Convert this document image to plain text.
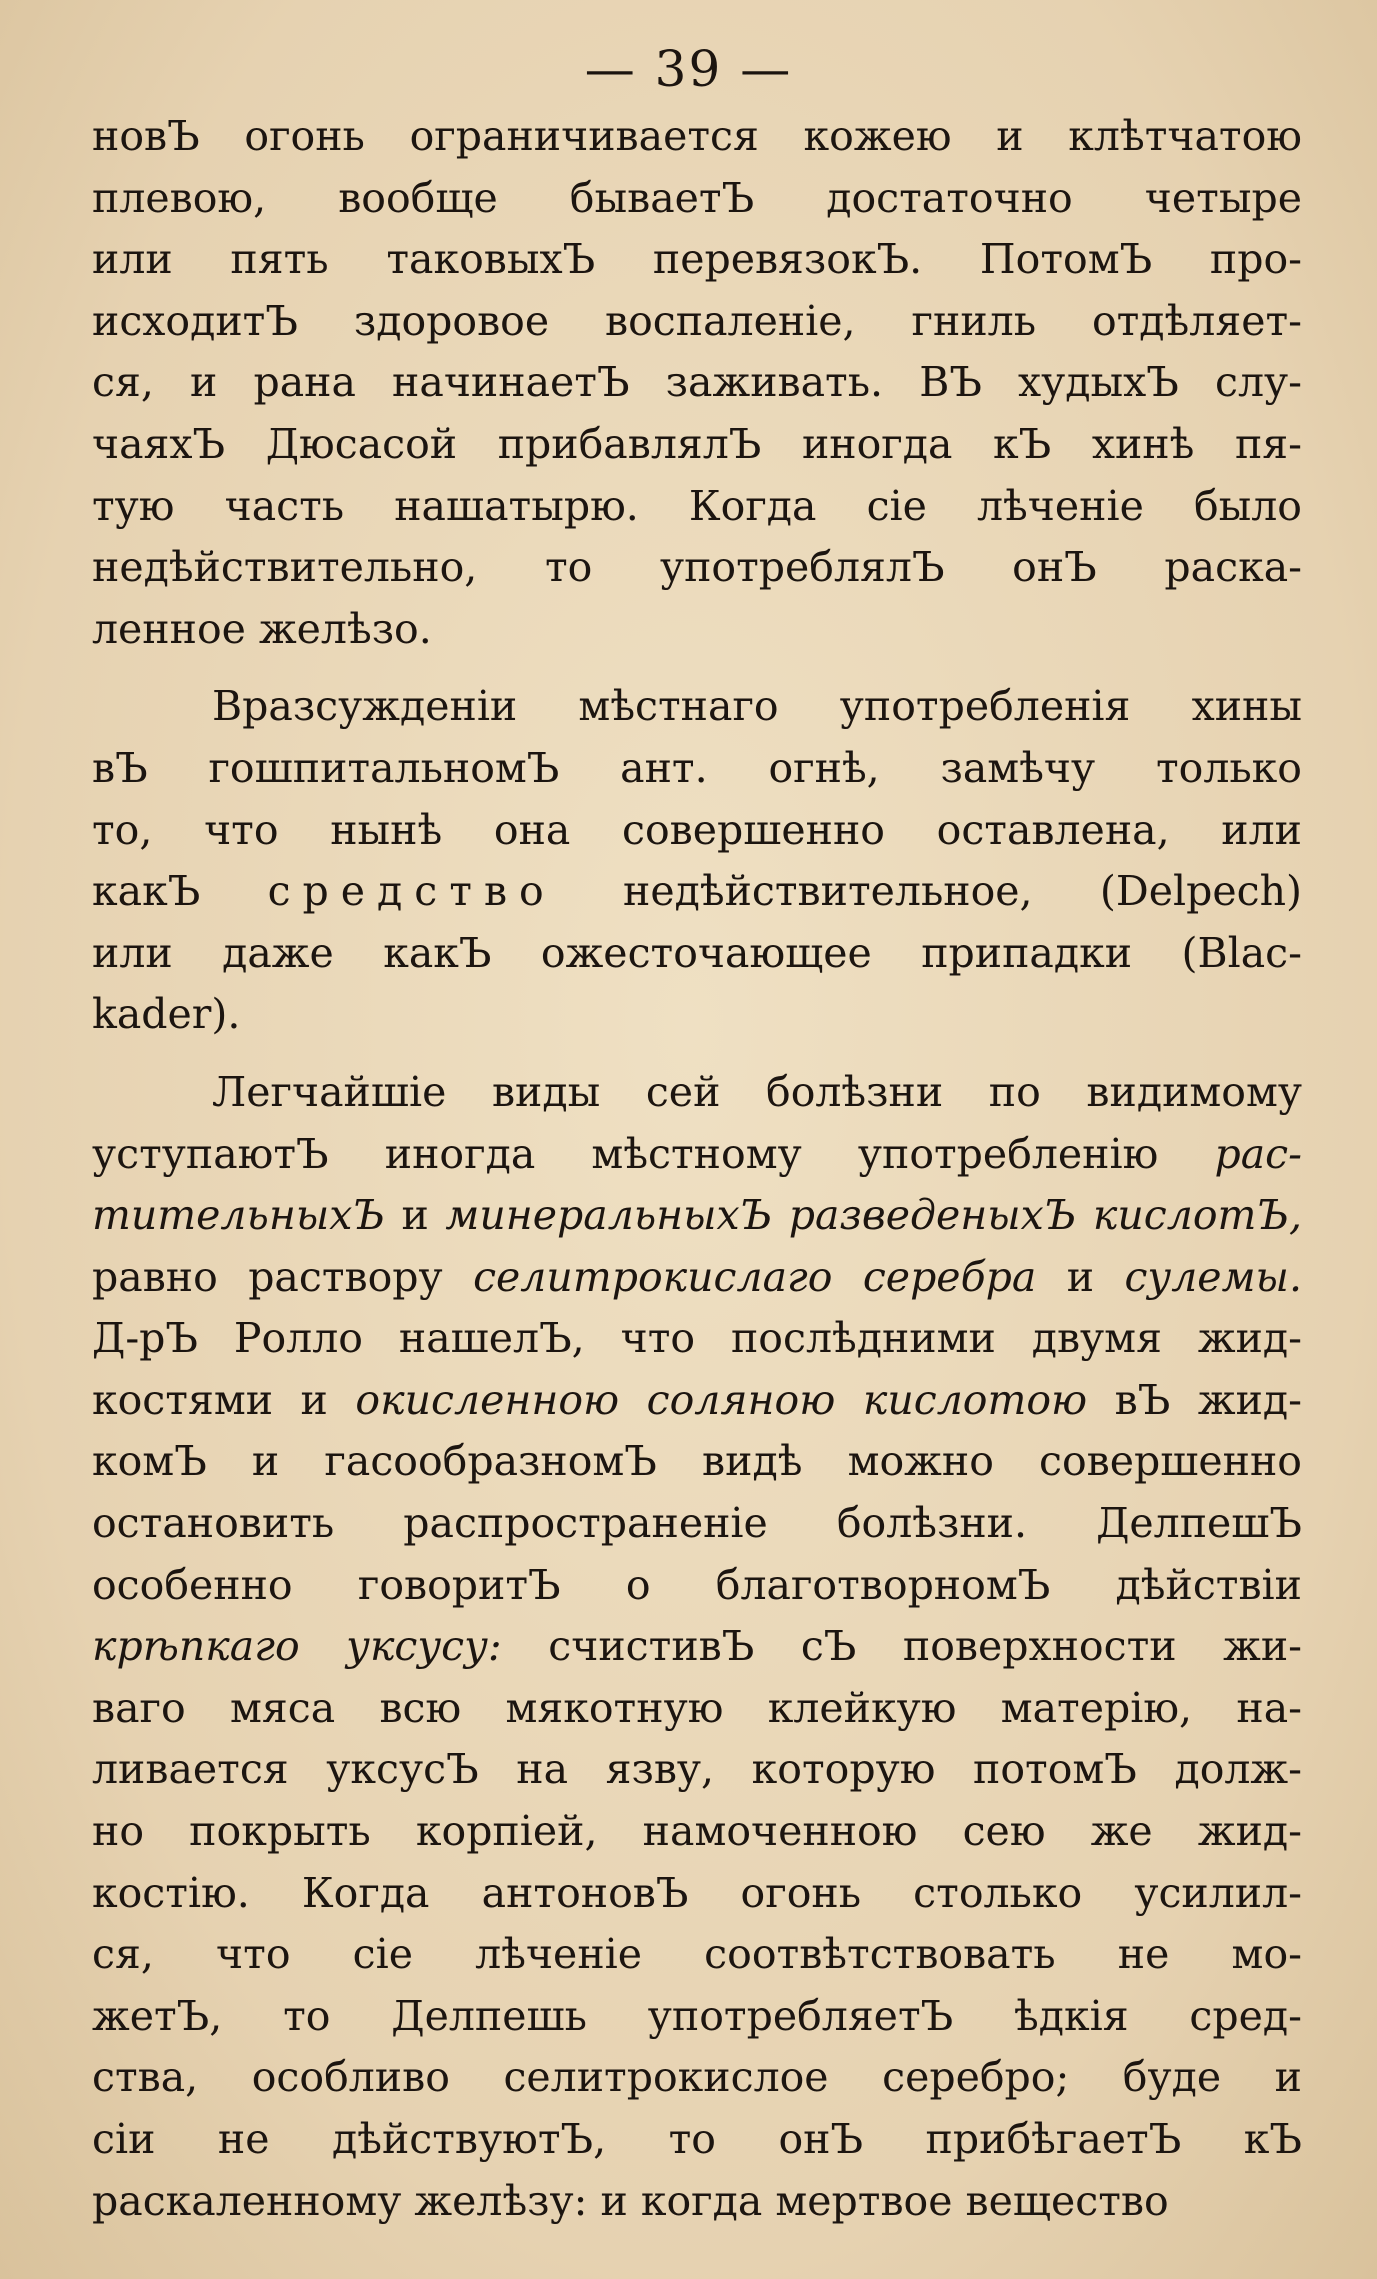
— 39 —
новЪ огонь ограничивается кожею и клѣтчатою
плевою, вообще бываетЪ достаточно четыре
или пять таковыхЪ перевязокЪ. ПотомЪ про-
исходитЪ здоровое воспаленіе, гниль отдѣляет-
ся, и рана начинаетЪ заживать. ВЪ худыхЪ слу-
чаяхЪ Дюсасой прибавлялЪ иногда кЪ хинѣ пя-
тую часть нашатырю. Когда сіе лѣченіе было
недѣйствительно, то употреблялЪ онЪ раска-
ленное желѣзо.
Вразсужденіи мѣстнаго употребленія хины
вЪ гошпитальномЪ ант. огнѣ, замѣчу только
то, что нынѣ она совершенно оставлена, или
какЪ средство недѣйствительное, (Delpech)
или даже какЪ ожесточающее припадки (Blac-
kader).
Легчайшіе виды сей болѣзни по видимому
уступаютЪ иногда мѣстному употребленію рас-
тительныхЪ и минеральныхЪ разведеныхЪ кислотЪ,
равно раствору селитрокислаго серебра и сулемы.
Д-рЪ Ролло нашелЪ, что послѣдними двумя жид-
костями и окисленною соляною кислотою вЪ жид-
комЪ и гасообразномЪ видѣ можно совершенно
остановить распространеніе болѣзни. ДелпешЪ
особенно говоритЪ о благотворномЪ дѣйствіи
крѣпкаго уксусу: счистивЪ сЪ поверхности жи-
ваго мяса всю мякотную клейкую матерію, на-
ливается уксусЪ на язву, которую потомЪ долж-
но покрыть корпіей, намоченною сею же жид-
костію. Когда антоновЪ огонь столько усилил-
ся, что сіе лѣченіе соотвѣтствовать не мо-
жетЪ, то Делпешь употребляетЪ ѣдкія сред-
ства, особливо селитрокислое серебро; буде и
сіи не дѣйствуютЪ, то онЪ прибѣгаетЪ кЪ
раскаленному желѣзу: и когда мертвое вещество
